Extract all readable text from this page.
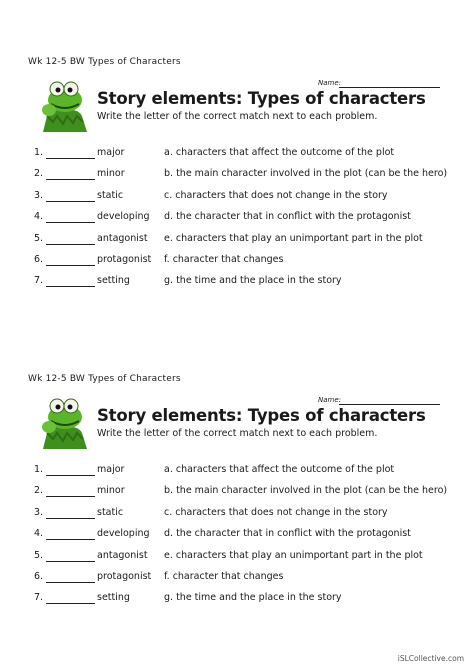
Wk 12-5 BW Types of Characters
Name:
Story elements: Types of characters
Write the letter of the correct match next to each problem.
1.	major	a. characters that affect the outcome of the plot
2.	minor	b. the main character involved in the plot (can be the hero)
3.	static	c. characters that does not change in the story
4.	developing d. the character that in conflict with the protagonist
5.	antagonist e. characters that play an unimportant part in the plot
6.	protagonist f. character that changes
7.	setting	g. the time and the place in the story
Wk 12-5 BW Types of Characters
Name:
Story elements: Types of characters
Write the letter of the correct match next to each problem.
1.	major	a. characters that affect the outcome of the plot
2.	minor	b. the main character involved in the plot (can be the hero)
3.	static	c. characters that does not change in the story
4.	developing d. the character that in conflict with the protagonist
5.	antagonist e. characters that play an unimportant part in the plot
6.	protagonist f. character that changes
7.	setting	g. the time and the place in the story
iSLCollective.com
